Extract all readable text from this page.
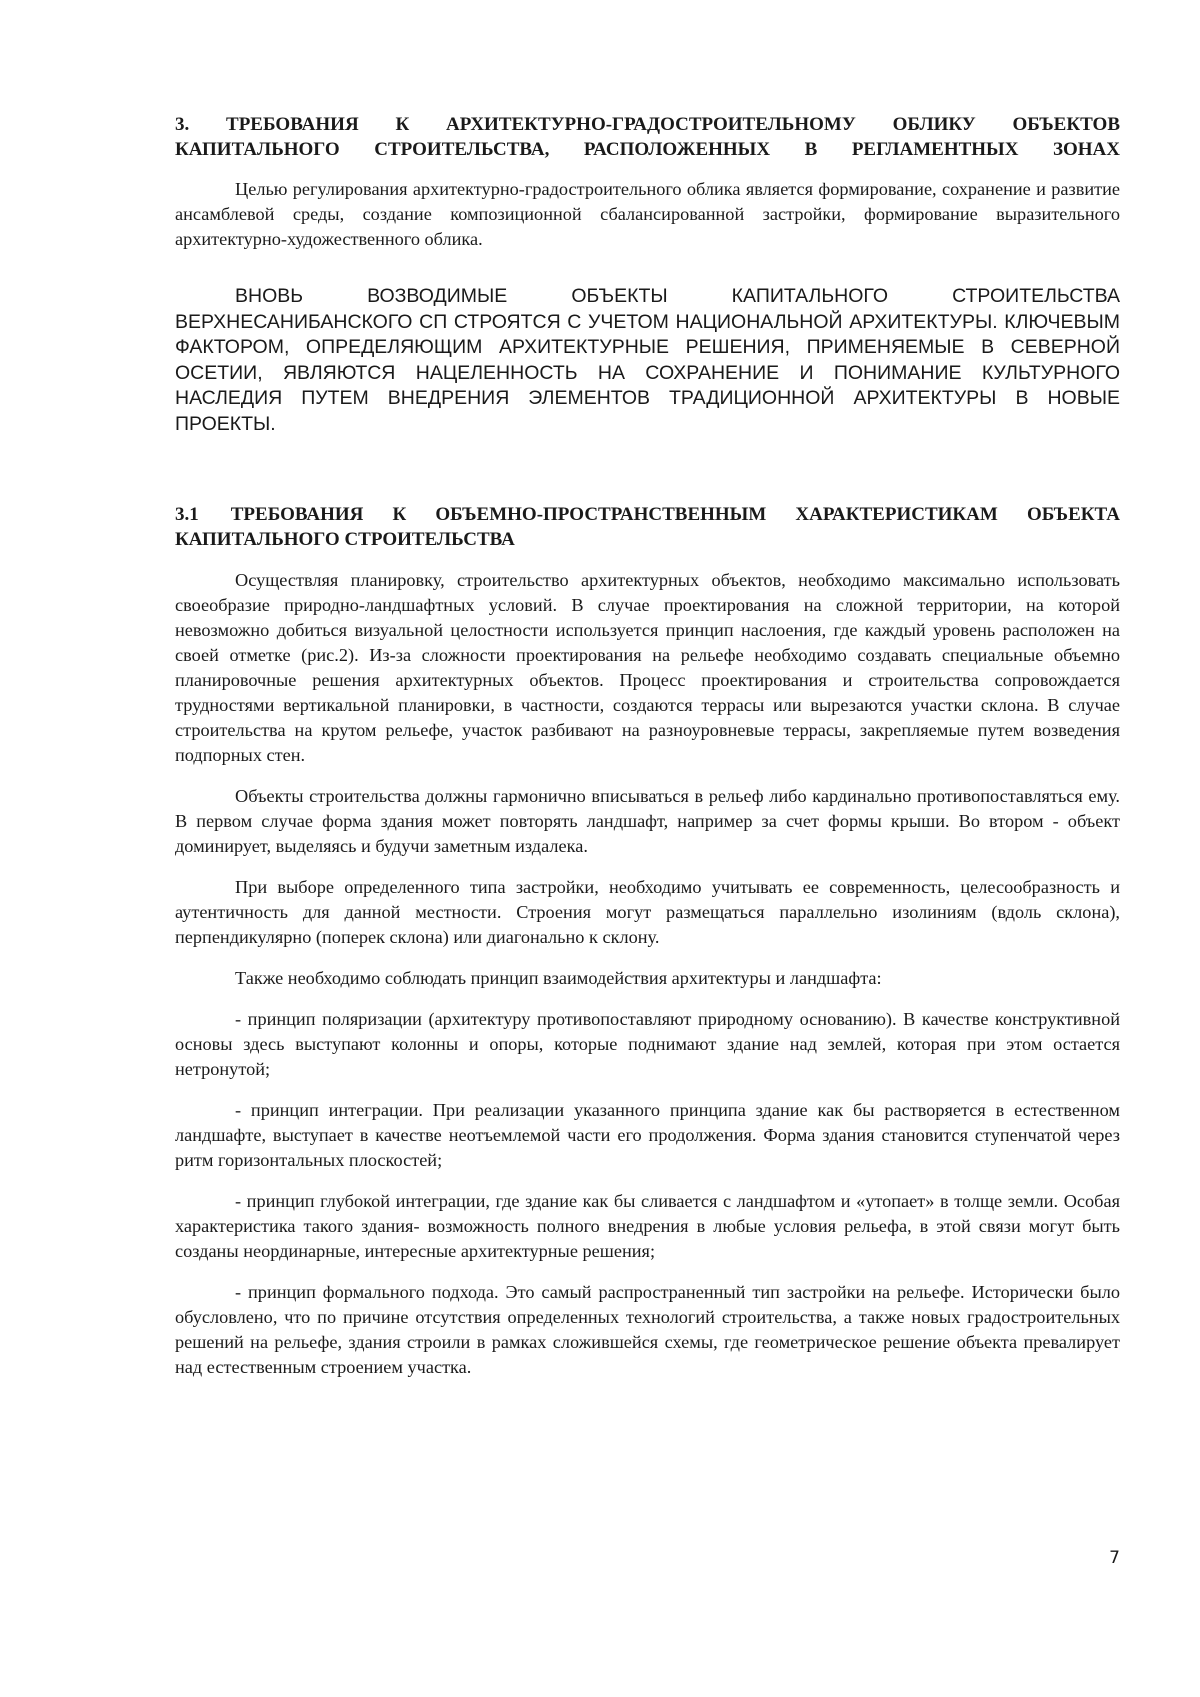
3. ТРЕБОВАНИЯ К АРХИТЕКТУРНО-ГРАДОСТРОИТЕЛЬНОМУ ОБЛИКУ ОБЪЕКТОВ КАПИТАЛЬНОГО СТРОИТЕЛЬСТВА, РАСПОЛОЖЕННЫХ В РЕГЛАМЕНТНЫХ ЗОНАХ

Целью регулирования архитектурно-градостроительного облика является формирование, сохранение и развитие ансамблевой среды, создание композиционной сбалансированной застройки, формирование выразительного архитектурно-художественного облика.

ВНОВЬ ВОЗВОДИМЫЕ ОБЪЕКТЫ КАПИТАЛЬНОГО СТРОИТЕЛЬСТВА ВЕРХНЕСАНИБАНСКОГО СП СТРОЯТСЯ С УЧЕТОМ НАЦИОНАЛЬНОЙ АРХИТЕКТУРЫ. КЛЮЧЕВЫМ ФАКТОРОМ, ОПРЕДЕЛЯЮЩИМ АРХИТЕКТУРНЫЕ РЕШЕНИЯ, ПРИМЕНЯЕМЫЕ В СЕВЕРНОЙ ОСЕТИИ, ЯВЛЯЮТСЯ НАЦЕЛЕННОСТЬ НА СОХРАНЕНИЕ И ПОНИМАНИЕ КУЛЬТУРНОГО НАСЛЕДИЯ ПУТЕМ ВНЕДРЕНИЯ ЭЛЕМЕНТОВ ТРАДИЦИОННОЙ АРХИТЕКТУРЫ В НОВЫЕ ПРОЕКТЫ.

3.1 ТРЕБОВАНИЯ К ОБЪЕМНО-ПРОСТРАНСТВЕННЫМ ХАРАКТЕРИСТИКАМ ОБЪЕКТА КАПИТАЛЬНОГО СТРОИТЕЛЬСТВА

Осуществляя планировку, строительство архитектурных объектов, необходимо максимально использовать своеобразие природно-ландшафтных условий. В случае проектирования на сложной территории, на которой невозможно добиться визуальной целостности используется принцип наслоения, где каждый уровень расположен на своей отметке (рис.2). Из-за сложности проектирования на рельефе необходимо создавать специальные объемно планировочные решения архитектурных объектов. Процесс проектирования и строительства сопровождается трудностями вертикальной планировки, в частности, создаются террасы или вырезаются участки склона. В случае строительства на крутом рельефе, участок разбивают на разноуровневые террасы, закрепляемые путем возведения подпорных стен.

Объекты строительства должны гармонично вписываться в рельеф либо кардинально противопоставляться ему. В первом случае форма здания может повторять ландшафт, например за счет формы крыши. Во втором - объект доминирует, выделяясь и будучи заметным издалека.

При выборе определенного типа застройки, необходимо учитывать ее современность, целесообразность и аутентичность для данной местности. Строения могут размещаться параллельно изолиниям (вдоль склона), перпендикулярно (поперек склона) или диагонально к склону.

Также необходимо соблюдать принцип взаимодействия архитектуры и ландшафта:

- принцип поляризации (архитектуру противопоставляют природному основанию). В качестве конструктивной основы здесь выступают колонны и опоры, которые поднимают здание над землей, которая при этом остается нетронутой;

- принцип интеграции. При реализации указанного принципа здание как бы растворяется в естественном ландшафте, выступает в качестве неотъемлемой части его продолжения. Форма здания становится ступенчатой через ритм горизонтальных плоскостей;

- принцип глубокой интеграции, где здание как бы сливается с ландшафтом и «утопает» в толще земли. Особая характеристика такого здания- возможность полного внедрения в любые условия рельефа, в этой связи могут быть созданы неординарные, интересные архитектурные решения;

- принцип формального подхода. Это самый распространенный тип застройки на рельефе. Исторически было обусловлено, что по причине отсутствия определенных технологий строительства, а также новых градостроительных решений на рельефе, здания строили в рамках сложившейся схемы, где геометрическое решение объекта превалирует над естественным строением участка.

7
